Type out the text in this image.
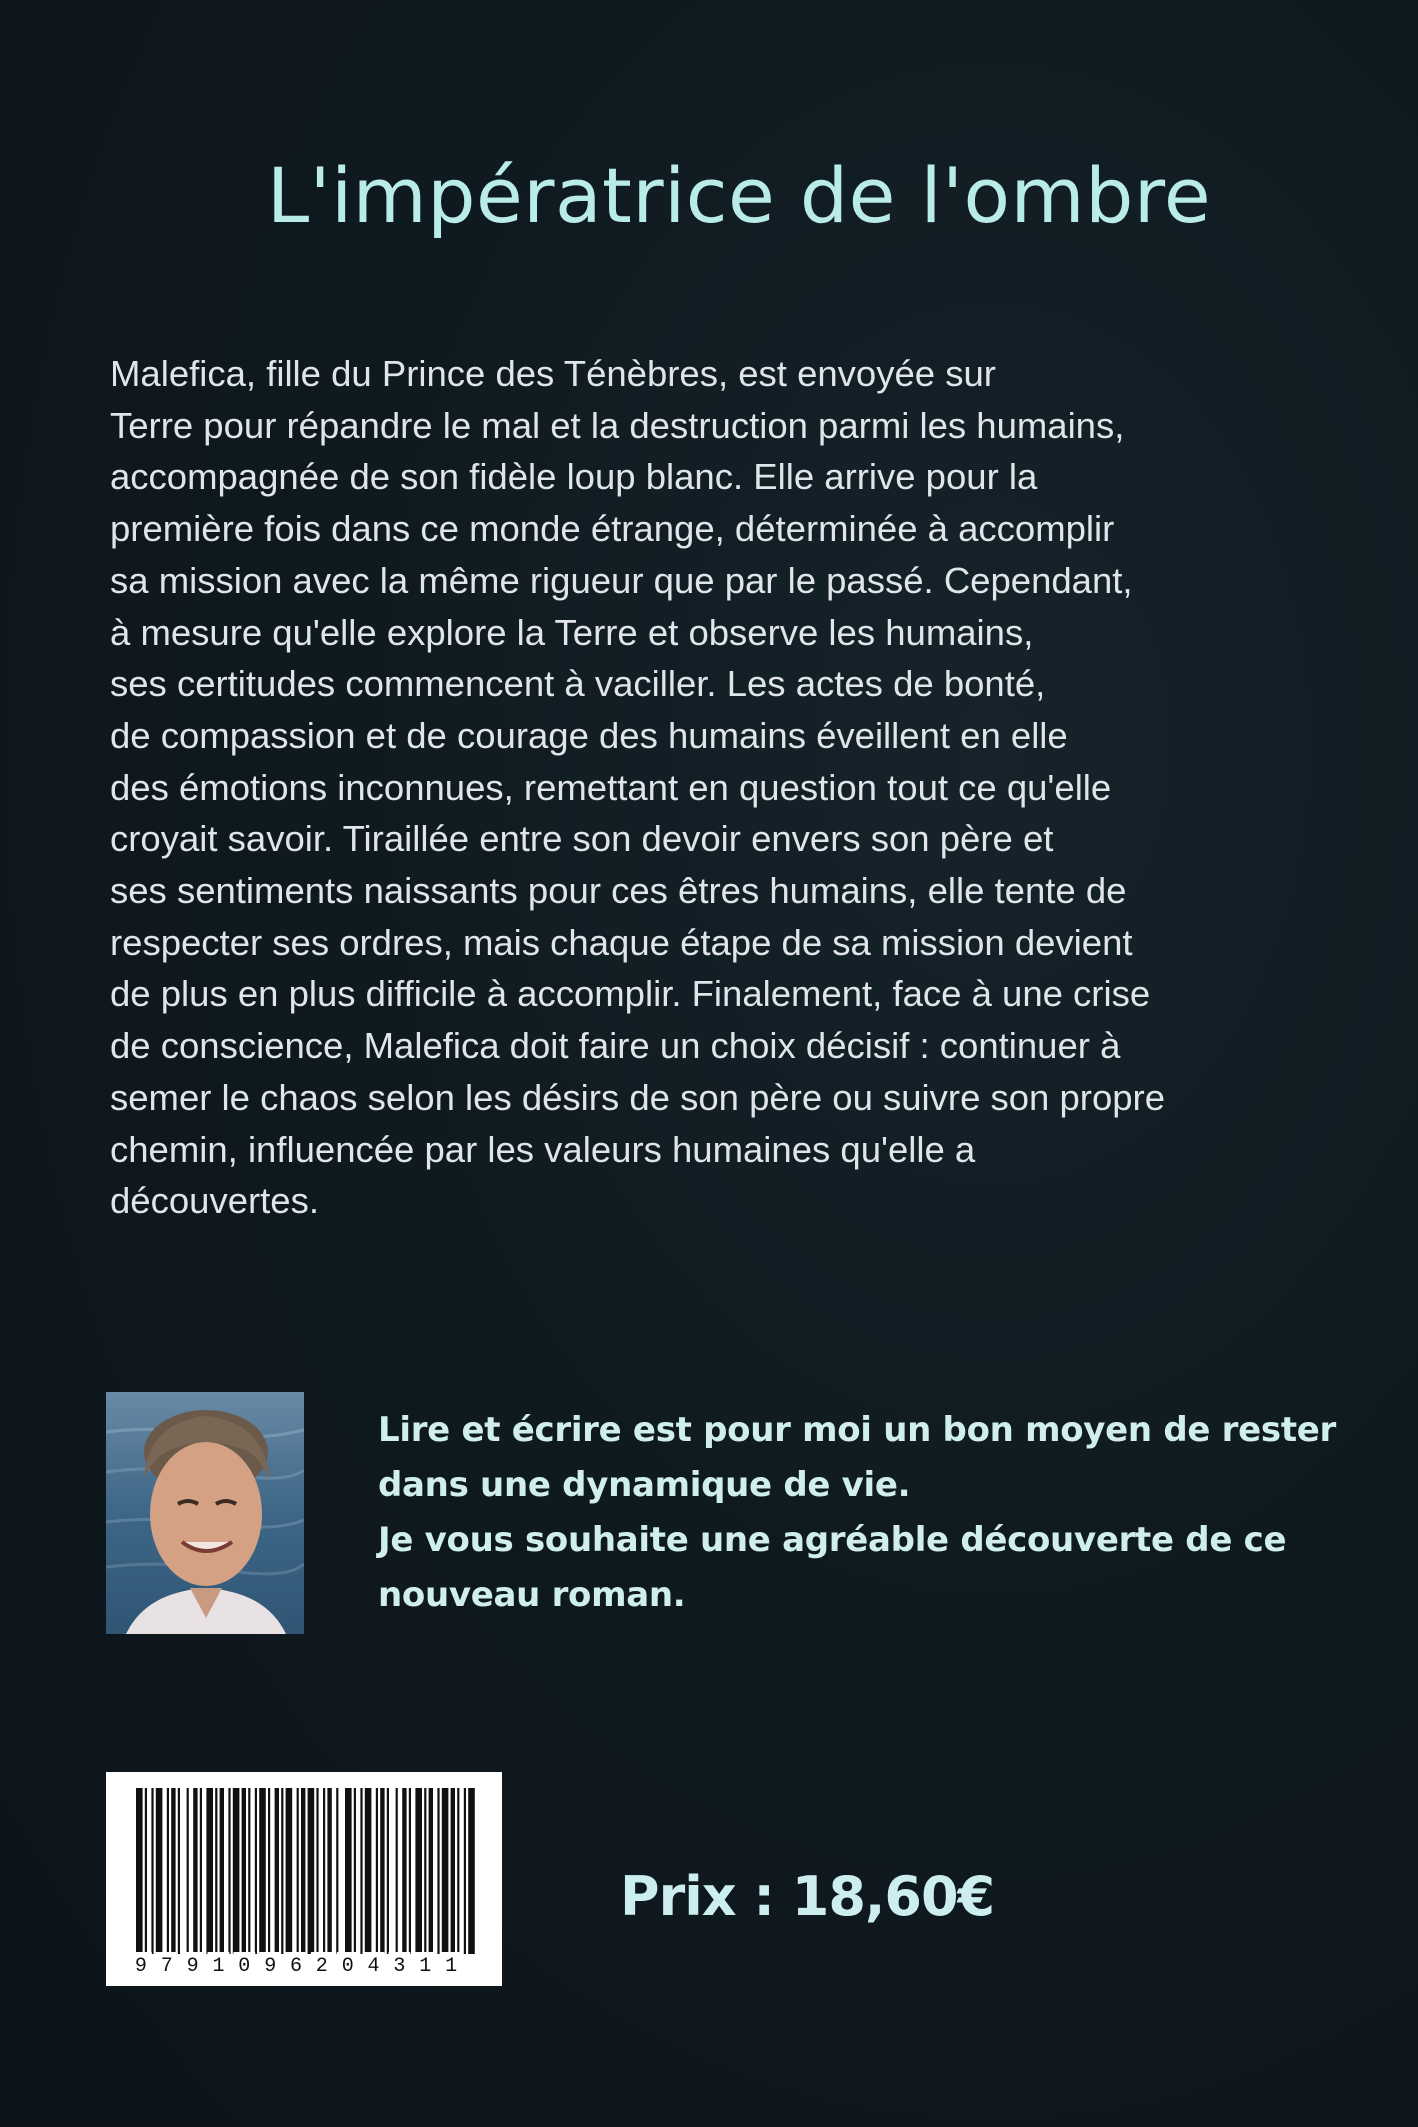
L'impératrice de l'ombre
Malefica, fille du Prince des Ténèbres, est envoyée sur
Terre pour répandre le mal et la destruction parmi les humains,
accompagnée de son fidèle loup blanc. Elle arrive pour la
première fois dans ce monde étrange, déterminée à accomplir
sa mission avec la même rigueur que par le passé. Cependant,
à mesure qu'elle explore la Terre et observe les humains,
ses certitudes commencent à vaciller. Les actes de bonté,
de compassion et de courage des humains éveillent en elle
des émotions inconnues, remettant en question tout ce qu'elle
croyait savoir. Tiraillée entre son devoir envers son père et
ses sentiments naissants pour ces êtres humains, elle tente de
respecter ses ordres, mais chaque étape de sa mission devient
de plus en plus difficile à accomplir. Finalement, face à une crise
de conscience, Malefica doit faire un choix décisif : continuer à
semer le chaos selon les désirs de son père ou suivre son propre
chemin, influencée par les valeurs humaines qu'elle a
découvertes.
Lire et écrire est pour moi un bon moyen de rester
dans une dynamique de vie.
Je vous souhaite une agréable découverte de ce
nouveau roman.
9 7 9 1 0 9 6 2 0 4 3 1 1

Prix : 18,60€
